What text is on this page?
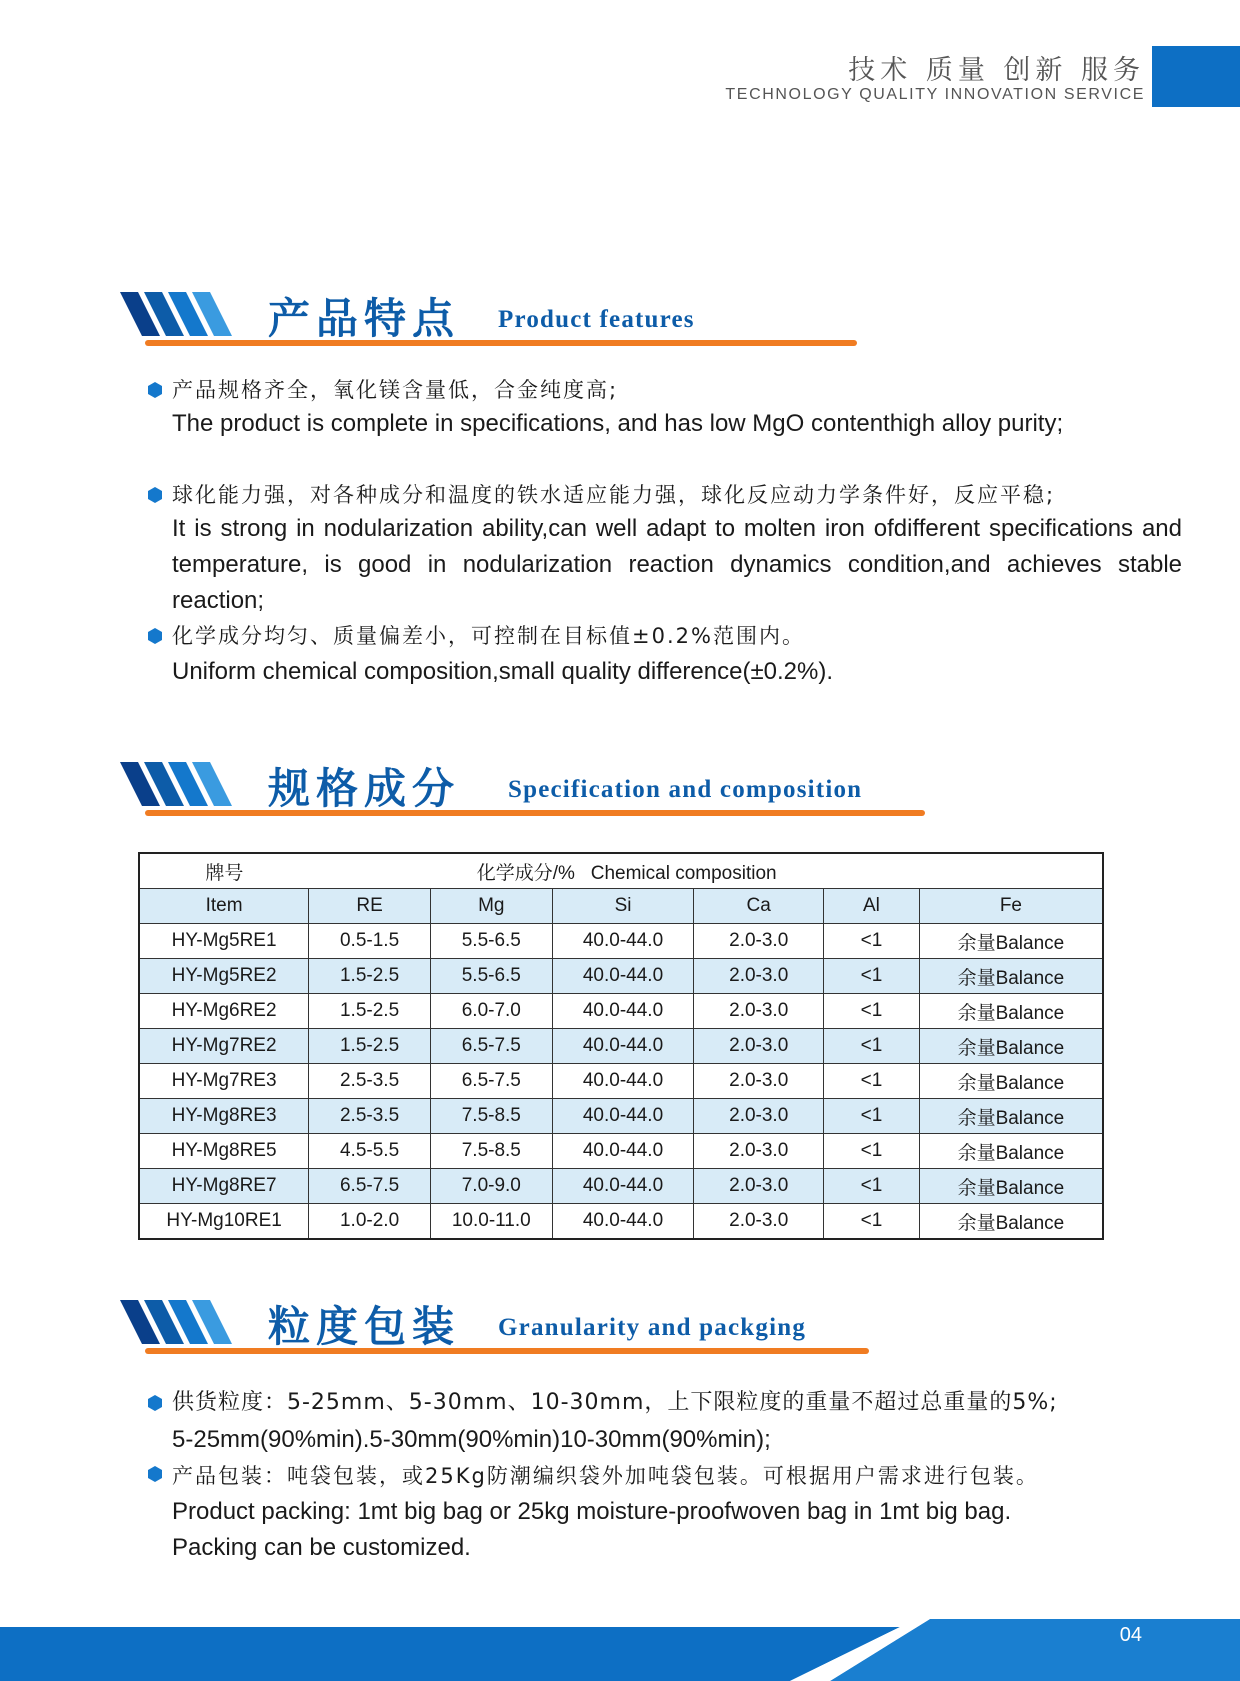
技术 质量 创新 服务
TECHNOLOGY QUALITY INNOVATION SERVICE
产品特点 Product features
产品规格齐全，氧化镁含量低，合金纯度高;
The product is complete in specifications, and has low MgO contenthigh alloy purity;
球化能力强，对各种成分和温度的铁水适应能力强，球化反应动力学条件好，反应平稳;
It is strong in nodularization ability,can well adapt to molten iron ofdifferent specifications and temperature, is good in nodularization reaction dynamics condition,and achieves stable reaction;
化学成分均匀、质量偏差小，可控制在目标值±0.2%范围内。
Uniform chemical composition,small quality difference(±0.2%).
规格成分 Specification and composition
牌号	化学成分/% Chemical composition					
Item	RE	Mg	Si	Ca	Al	Fe
HY-Mg5RE1	0.5-1.5	5.5-6.5	40.0-44.0	2.0-3.0	<1	余量Balance
HY-Mg5RE2	1.5-2.5	5.5-6.5	40.0-44.0	2.0-3.0	<1	余量Balance
HY-Mg6RE2	1.5-2.5	6.0-7.0	40.0-44.0	2.0-3.0	<1	余量Balance
HY-Mg7RE2	1.5-2.5	6.5-7.5	40.0-44.0	2.0-3.0	<1	余量Balance
HY-Mg7RE3	2.5-3.5	6.5-7.5	40.0-44.0	2.0-3.0	<1	余量Balance
HY-Mg8RE3	2.5-3.5	7.5-8.5	40.0-44.0	2.0-3.0	<1	余量Balance
HY-Mg8RE5	4.5-5.5	7.5-8.5	40.0-44.0	2.0-3.0	<1	余量Balance
HY-Mg8RE7	6.5-7.5	7.0-9.0	40.0-44.0	2.0-3.0	<1	余量Balance
HY-Mg10RE1	1.0-2.0	10.0-11.0	40.0-44.0	2.0-3.0	<1	余量Balance
粒度包装 Granularity and packging
供货粒度：5-25mm、5-30mm、10-30mm，上下限粒度的重量不超过总重量的5%;
5-25mm(90%min).5-30mm(90%min)10-30mm(90%min);
产品包装：吨袋包装，或25Kg防潮编织袋外加吨袋包装。可根据用户需求进行包装。
Product packing: 1mt big bag or 25kg moisture-proofwoven bag in 1mt big bag.
Packing can be customized.
04
